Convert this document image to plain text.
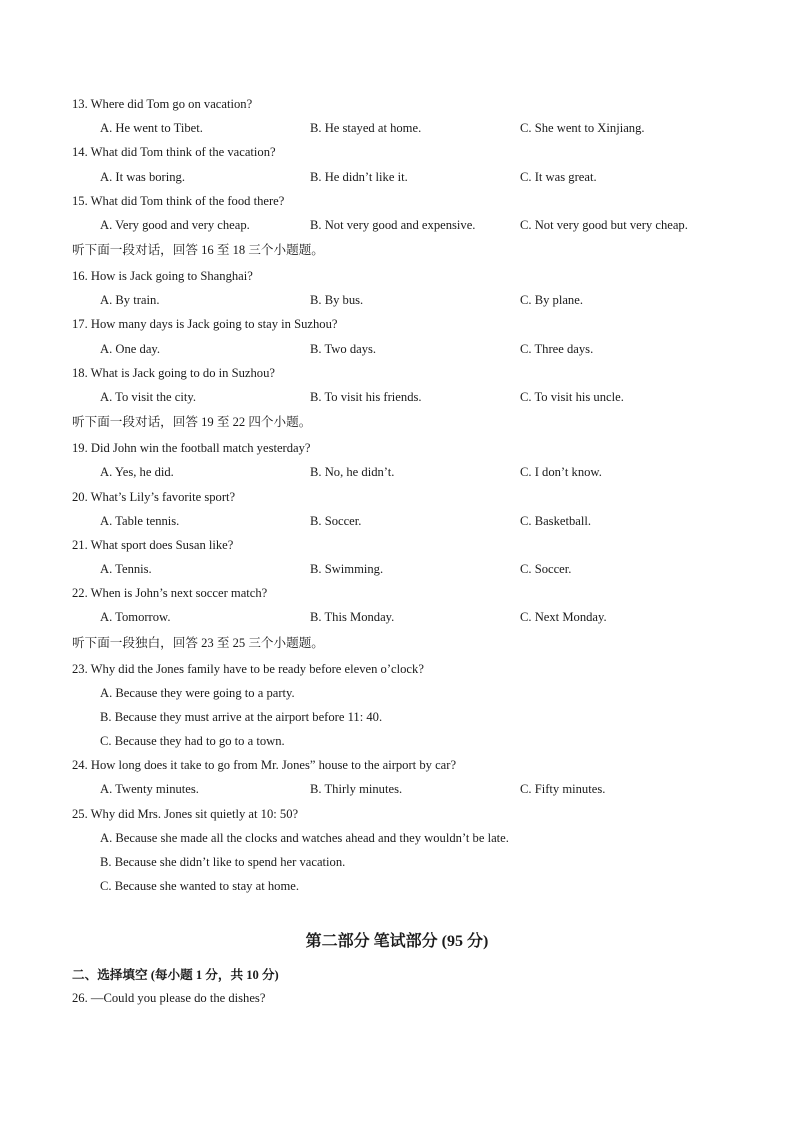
13. Where did Tom go on vacation?
A. He went to Tibet.	B. He stayed at home.	C. She went to Xinjiang.
14. What did Tom think of the vacation?
A. It was boring.	B. He didn’t like it.	C. It was great.
15. What did Tom think of the food there?
A. Very good and very cheap.	B. Not very good and expensive.	C. Not very good but very cheap.
听下面一段对话，回答 16 至 18 三个小题题。
16. How is Jack going to Shanghai?
A. By train.	B. By bus.	C. By plane.
17. How many days is Jack going to stay in Suzhou?
A. One day.	B. Two days.	C. Three days.
18. What is Jack going to do in Suzhou?
A. To visit the city.	B. To visit his friends.	C. To visit his uncle.
听下面一段对话，回答 19 至 22 四个小题。
19. Did John win the football match yesterday?
A. Yes, he did.	B. No, he didn’t.	C. I don’t know.
20. What’s Lily’s favorite sport?
A. Table tennis.	B. Soccer.	C. Basketball.
21. What sport does Susan like?
A. Tennis.	B. Swimming.	C. Soccer.
22. When is John’s next soccer match?
A. Tomorrow.	B. This Monday.	C. Next Monday.
听下面一段独白，回答 23 至 25 三个小题题。
23. Why did the Jones family have to be ready before eleven o’clock?
A. Because they were going to a party.
B. Because they must arrive at the airport before 11: 40.
C. Because they had to go to a town.
24. How long does it take to go from Mr. Jones” house to the airport by car?
A. Twenty minutes.	B. Thirly minutes.	C. Fifty minutes.
25. Why did Mrs. Jones sit quietly at 10: 50?
A. Because she made all the clocks and watches ahead and they wouldn’t be late.
B. Because she didn’t like to spend her vacation.
C. Because she wanted to stay at home.
第二部分 笔试部分 (95 分)
二、选择填空 (每小题 1 分，共 10 分)
26. —Could you please do the dishes?
